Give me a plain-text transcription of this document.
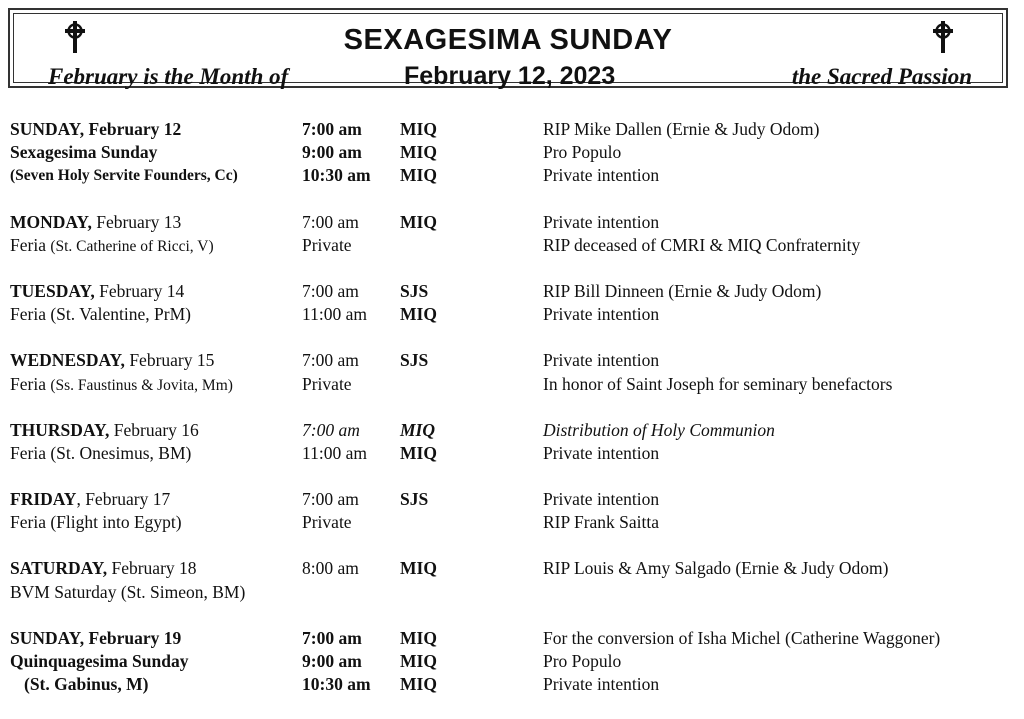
SEXAGESIMA SUNDAY
February is the Month of	February 12, 2023	the Sacred Passion
SUNDAY, February 12	7:00 am MIQ	RIP Mike Dallen (Ernie & Judy Odom)
Sexagesima Sunday	9:00 am MIQ	Pro Populo
(Seven Holy Servite Founders, Cc)	10:30 am MIQ	Private intention
MONDAY, February 13	7:00 am MIQ	Private intention
Feria (St. Catherine of Ricci, V)	Private	RIP deceased of CMRI & MIQ Confraternity
TUESDAY, February 14	7:00 am SJS	RIP Bill Dinneen (Ernie & Judy Odom)
Feria (St. Valentine, PrM)	11:00 am MIQ	Private intention
WEDNESDAY, February 15	7:00 am SJS	Private intention
Feria (Ss. Faustinus & Jovita, Mm)	Private	In honor of Saint Joseph for seminary benefactors
THURSDAY, February 16	7:00 am MIQ	Distribution of Holy Communion
Feria (St. Onesimus, BM)	11:00 am MIQ	Private intention
FRIDAY, February 17	7:00 am SJS	Private intention
Feria (Flight into Egypt)	Private	RIP Frank Saitta
SATURDAY, February 18	8:00 am MIQ	RIP Louis & Amy Salgado (Ernie & Judy Odom)
BVM Saturday (St. Simeon, BM)
SUNDAY, February 19	7:00 am MIQ	For the conversion of Isha Michel (Catherine Waggoner)
Quinquagesima Sunday	9:00 am MIQ	Pro Populo
(St. Gabinus, M)	10:30 am MIQ	Private intention
